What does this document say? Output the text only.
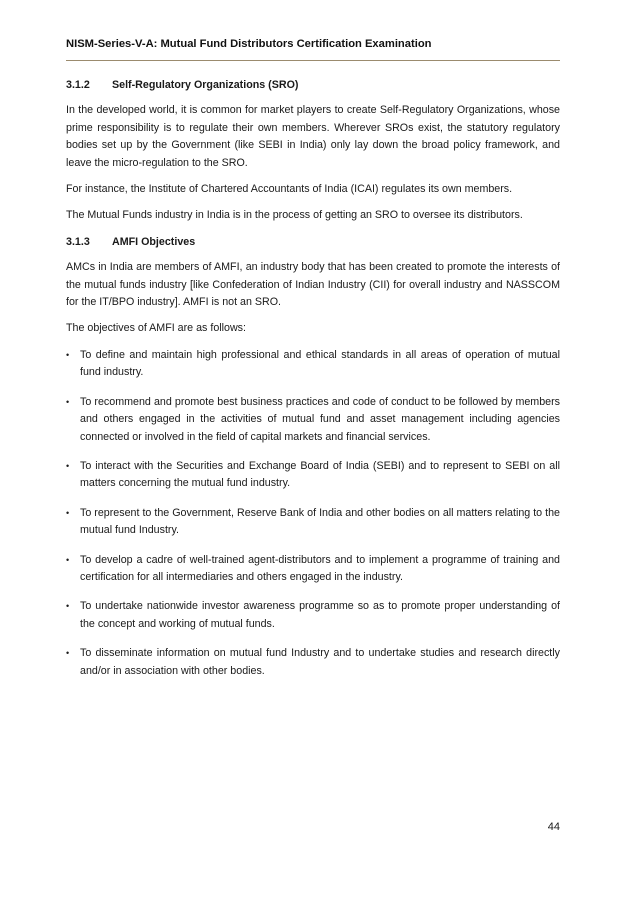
NISM-Series-V-A: Mutual Fund Distributors Certification Examination
3.1.2 Self-Regulatory Organizations (SRO)

In the developed world, it is common for market players to create Self-Regulatory Organizations, whose prime responsibility is to regulate their own members. Wherever SROs exist, the statutory regulatory bodies set up by the Government (like SEBI in India) only lay down the broad policy framework, and leave the micro-regulation to the SRO.

For instance, the Institute of Chartered Accountants of India (ICAI) regulates its own members.

The Mutual Funds industry in India is in the process of getting an SRO to oversee its distributors.

3.1.3 AMFI Objectives

AMCs in India are members of AMFI, an industry body that has been created to promote the interests of the mutual funds industry [like Confederation of Indian Industry (CII) for overall industry and NASSCOM for the IT/BPO industry]. AMFI is not an SRO.

The objectives of AMFI are as follows:

• To define and maintain high professional and ethical standards in all areas of operation of mutual fund industry.
• To recommend and promote best business practices and code of conduct to be followed by members and others engaged in the activities of mutual fund and asset management including agencies connected or involved in the field of capital markets and financial services.
• To interact with the Securities and Exchange Board of India (SEBI) and to represent to SEBI on all matters concerning the mutual fund industry.
• To represent to the Government, Reserve Bank of India and other bodies on all matters relating to the mutual fund Industry.
• To develop a cadre of well-trained agent-distributors and to implement a programme of training and certification for all intermediaries and others engaged in the industry.
• To undertake nationwide investor awareness programme so as to promote proper understanding of the concept and working of mutual funds.
• To disseminate information on mutual fund Industry and to undertake studies and research directly and/or in association with other bodies.
44
